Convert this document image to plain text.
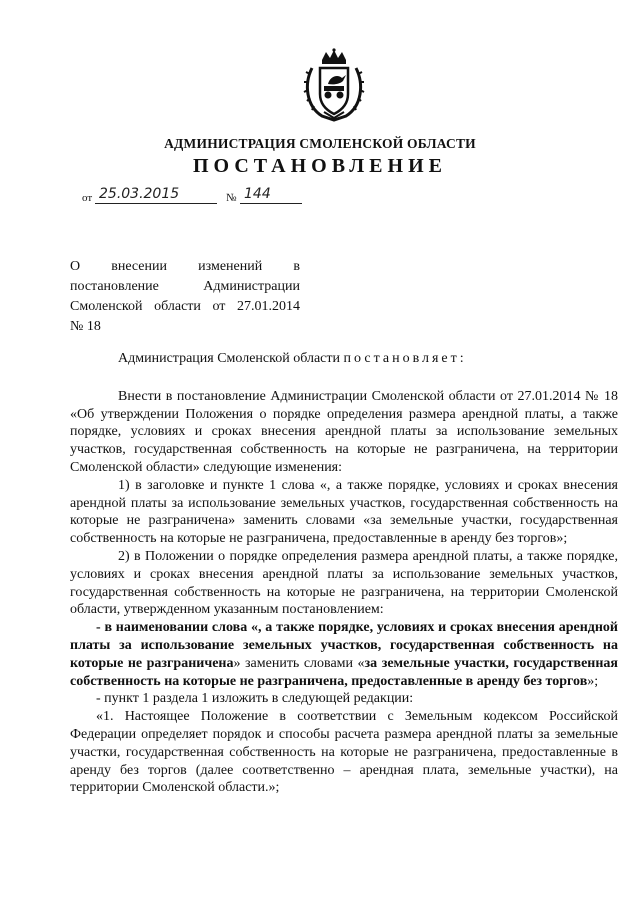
АДМИНИСТРАЦИЯ СМОЛЕНСКОЙ ОБЛАСТИ
ПОСТАНОВЛЕНИЕ
от 25.03.2015	№ 144
О внесении изменений в
постановление Администрации
Смоленской области от 27.01.2014
№ 18

Администрация Смоленской области постановляет:

Внести в постановление Администрации Смоленской области от 27.01.2014 № 18 «Об утверждении Положения о порядке определения размера арендной платы, а также порядке, условиях и сроках внесения арендной платы за использование земельных участков, государственная собственность на которые не разграничена, на территории Смоленской области» следующие изменения:

1) в заголовке и пункте 1 слова «, а также порядке, условиях и сроках внесения арендной платы за использование земельных участков, государственная собственность на которые не разграничена» заменить словами «за земельные участки, государственная собственность на которые не разграничена, предоставленные в аренду без торгов»;

2) в Положении о порядке определения размера арендной платы, а также порядке, условиях и сроках внесения арендной платы за использование земельных участков, государственная собственность на которые не разграничена, на территории Смоленской области, утвержденном указанным постановлением:

- в наименовании слова «, а также порядке, условиях и сроках внесения арендной платы за использование земельных участков, государственная собственность на которые не разграничена» заменить словами «за земельные участки, государственная собственность на которые не разграничена, предоставленные в аренду без торгов»;

- пункт 1 раздела 1 изложить в следующей редакции:

«1. Настоящее Положение в соответствии с Земельным кодексом Российской Федерации определяет порядок и способы расчета размера арендной платы за земельные участки, государственная собственность на которые не разграничена, предоставленные в аренду без торгов (далее соответственно – арендная плата, земельные участки), на территории Смоленской области.»;
